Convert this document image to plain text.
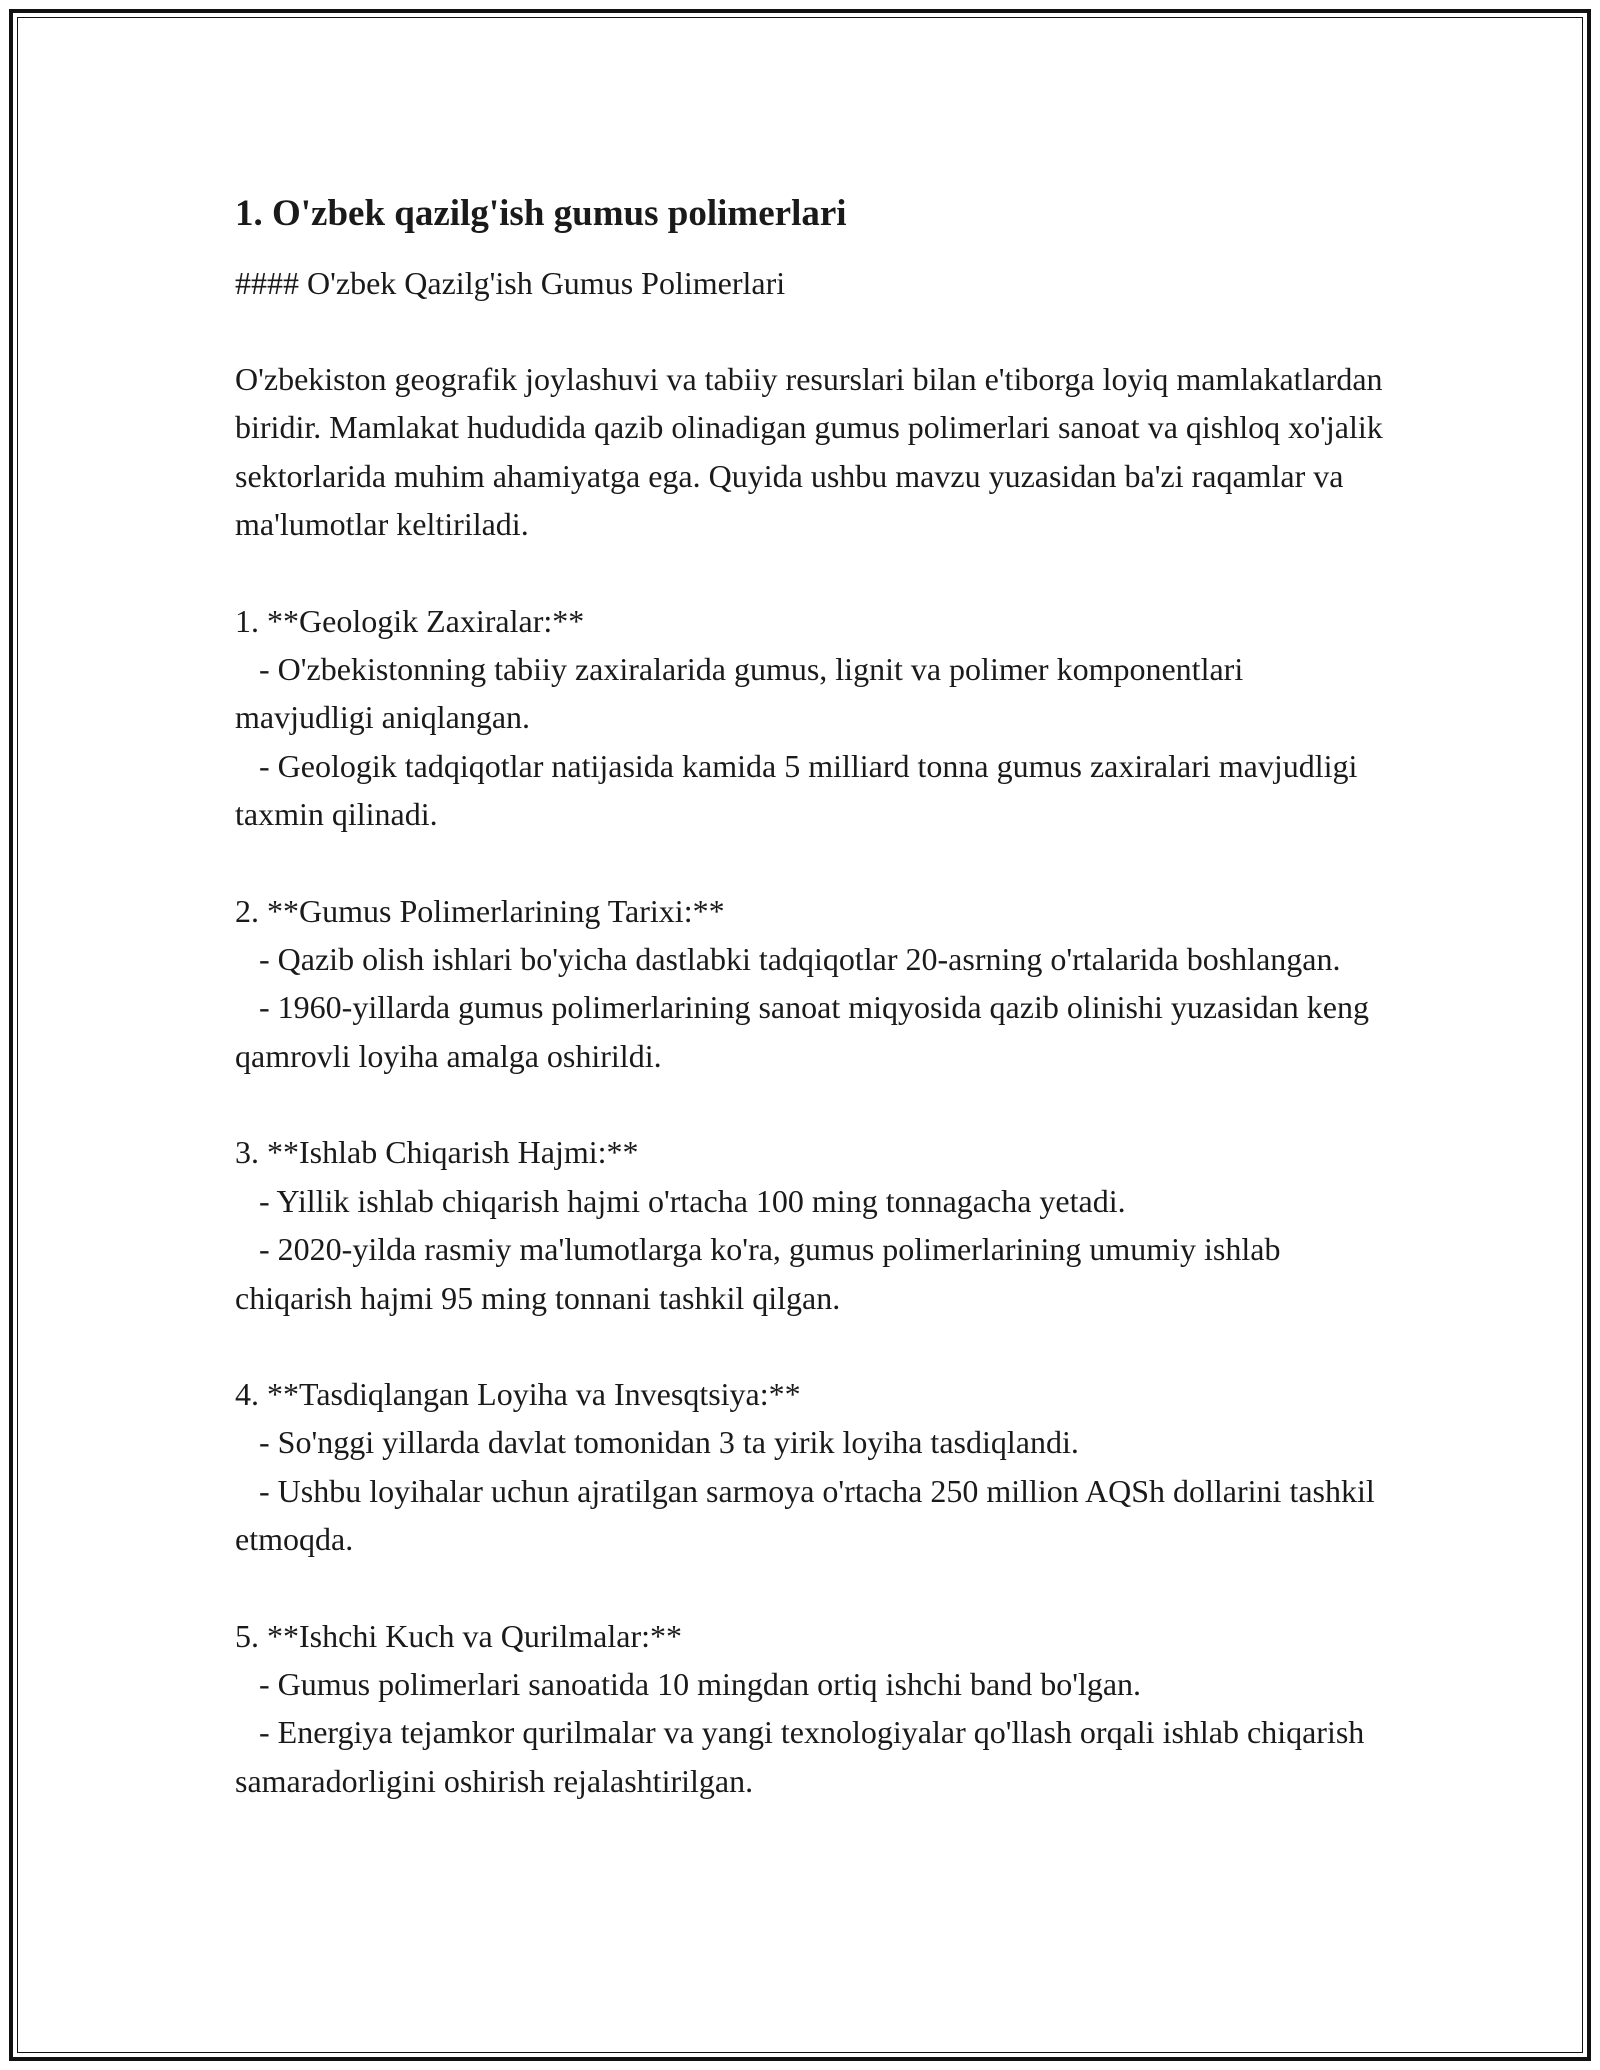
1. O'zbek qazilg'ish gumus polimerlari

#### O'zbek Qazilg'ish Gumus Polimerlari

O'zbekiston geografik joylashuvi va tabiiy resurslari bilan e'tiborga loyiq mamlakatlardan biridir. Mamlakat hududida qazib olinadigan gumus polimerlari sanoat va qishloq xo'jalik sektorlarida muhim ahamiyatga ega. Quyida ushbu mavzu yuzasidan ba'zi raqamlar va ma'lumotlar keltiriladi.

1. **Geologik Zaxiralar:**

- O'zbekistonning tabiiy zaxiralarida gumus, lignit va polimer komponentlari mavjudligi aniqlangan.

- Geologik tadqiqotlar natijasida kamida 5 milliard tonna gumus zaxiralari mavjudligi taxmin qilinadi.

2. **Gumus Polimerlarining Tarixi:**

- Qazib olish ishlari bo'yicha dastlabki tadqiqotlar 20-asrning o'rtalarida boshlangan.

- 1960-yillarda gumus polimerlarining sanoat miqyosida qazib olinishi yuzasidan keng qamrovli loyiha amalga oshirildi.

3. **Ishlab Chiqarish Hajmi:**

- Yillik ishlab chiqarish hajmi o'rtacha 100 ming tonnagacha yetadi.

- 2020-yilda rasmiy ma'lumotlarga ko'ra, gumus polimerlarining umumiy ishlab chiqarish hajmi 95 ming tonnani tashkil qilgan.

4. **Tasdiqlangan Loyiha va Invesqtsiya:**

- So'nggi yillarda davlat tomonidan 3 ta yirik loyiha tasdiqlandi.

- Ushbu loyihalar uchun ajratilgan sarmoya o'rtacha 250 million AQSh dollarini tashkil etmoqda.

5. **Ishchi Kuch va Qurilmalar:**

- Gumus polimerlari sanoatida 10 mingdan ortiq ishchi band bo'lgan.

- Energiya tejamkor qurilmalar va yangi texnologiyalar qo'llash orqali ishlab chiqarish samaradorligini oshirish rejalashtirilgan.
